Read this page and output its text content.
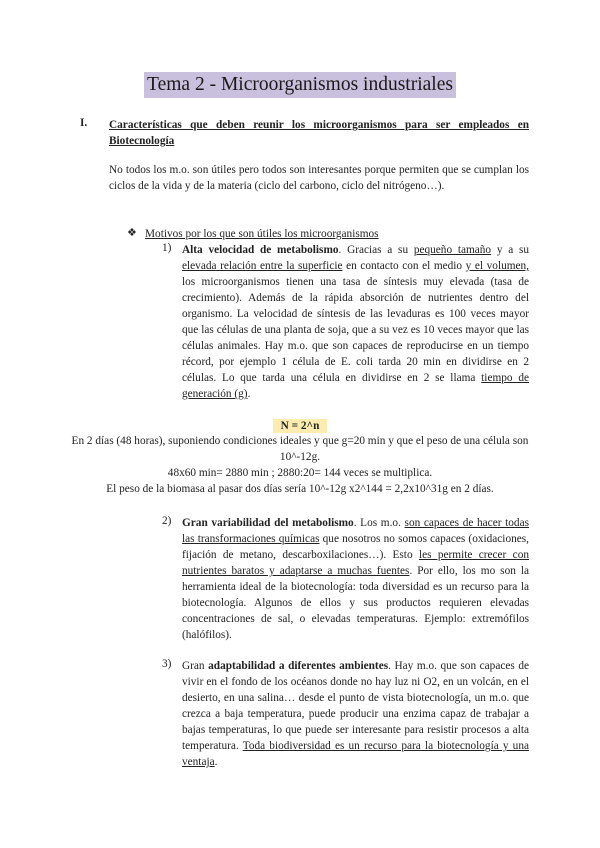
Tema 2 - Microorganismos industriales
I. Características que deben reunir los microorganismos para ser empleados en Biotecnología
No todos los m.o. son útiles pero todos son interesantes porque permiten que se cumplan los ciclos de la vida y de la materia (ciclo del carbono, ciclo del nitrógeno…).
❖ Motivos por los que son útiles los microorganismos
1) Alta velocidad de metabolismo. Gracias a su pequeño tamaño y a su elevada relación entre la superficie en contacto con el medio y el volumen, los microorganismos tienen una tasa de síntesis muy elevada (tasa de crecimiento). Además de la rápida absorción de nutrientes dentro del organismo. La velocidad de síntesis de las levaduras es 100 veces mayor que las células de una planta de soja, que a su vez es 10 veces mayor que las células animales. Hay m.o. que son capaces de reproducirse en un tiempo récord, por ejemplo 1 célula de E. coli tarda 20 min en dividirse en 2 células. Lo que tarda una célula en dividirse en 2 se llama tiempo de generación (g).
N = 2^n
En 2 días (48 horas), suponiendo condiciones ideales y que g=20 min y que el peso de una célula son 10^-12g.
48x60 min= 2880 min ; 2880:20= 144 veces se multiplica.
El peso de la biomasa al pasar dos días sería 10^-12g x2^144 = 2,2x10^31g en 2 días.
2) Gran variabilidad del metabolismo. Los m.o. son capaces de hacer todas las transformaciones químicas que nosotros no somos capaces (oxidaciones, fijación de metano, descarboxilaciones…). Esto les permite crecer con nutrientes baratos y adaptarse a muchas fuentes. Por ello, los mo son la herramienta ideal de la biotecnología: toda diversidad es un recurso para la biotecnología. Algunos de ellos y sus productos requieren elevadas concentraciones de sal, o elevadas temperaturas. Ejemplo: extremófilos (halófilos).
3) Gran adaptabilidad a diferentes ambientes. Hay m.o. que son capaces de vivir en el fondo de los océanos donde no hay luz ni O2, en un volcán, en el desierto, en una salina… desde el punto de vista biotecnología, un m.o. que crezca a baja temperatura, puede producir una enzima capaz de trabajar a bajas temperaturas, lo que puede ser interesante para resistir procesos a alta temperatura. Toda biodiversidad es un recurso para la biotecnología y una ventaja.
